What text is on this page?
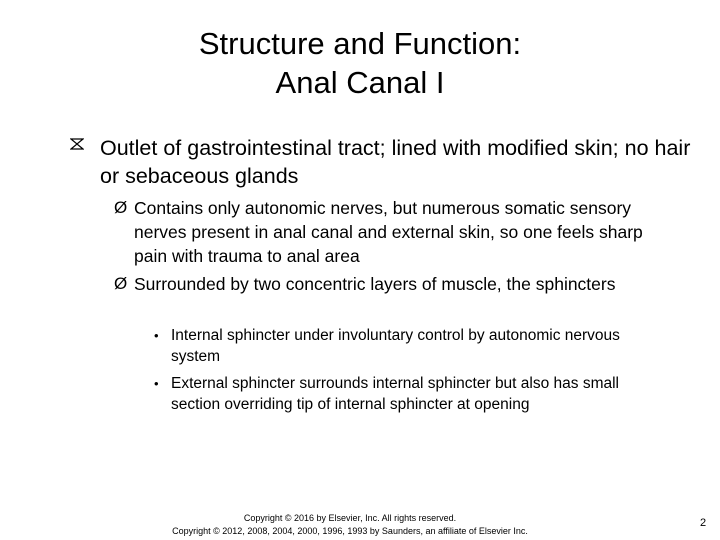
Structure and Function:
Anal Canal I
Outlet of gastrointestinal tract; lined with modified skin; no hair or sebaceous glands
Ø Contains only autonomic nerves, but numerous somatic sensory nerves present in anal canal and external skin, so one feels sharp pain with trauma to anal area
Ø Surrounded by two concentric layers of muscle, the sphincters
• Internal sphincter under involuntary control by autonomic nervous system
• External sphincter surrounds internal sphincter but also has small section overriding tip of internal sphincter at opening
Copyright © 2016 by Elsevier, Inc. All rights reserved.
Copyright © 2012, 2008, 2004, 2000, 1996, 1993 by Saunders, an affiliate of Elsevier Inc.
2
